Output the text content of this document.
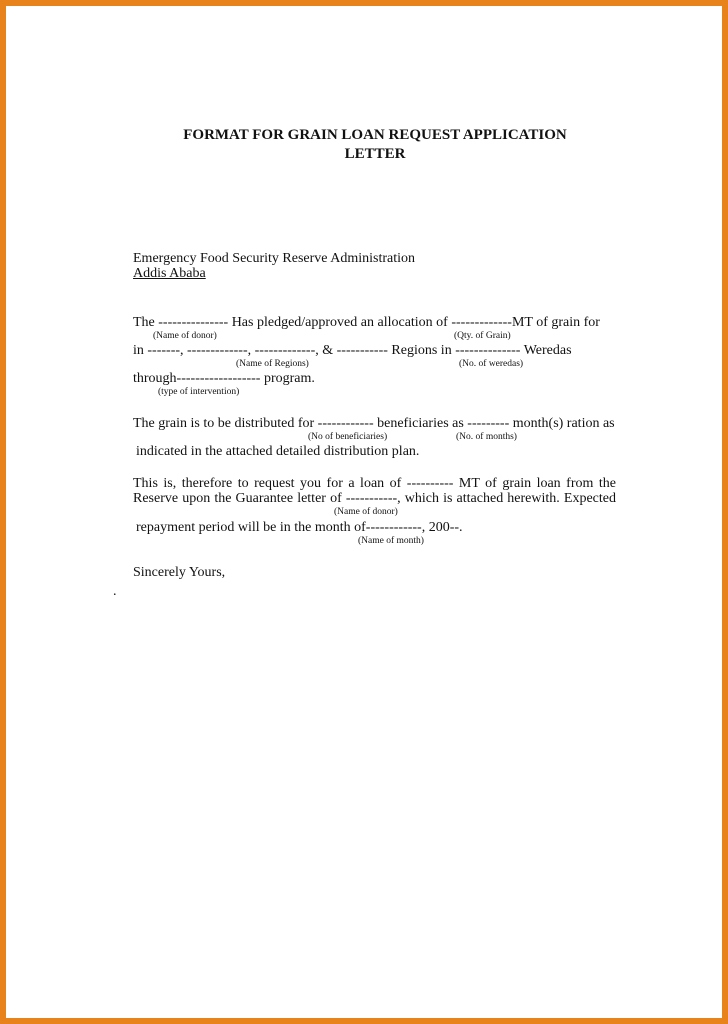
FORMAT FOR GRAIN LOAN REQUEST APPLICATION
LETTER
Emergency Food Security Reserve Administration
Addis Ababa
The --------------- Has pledged/approved an allocation of -------------MT of grain for
(Name of donor)	(Qty. of Grain)
in -------, -------------, -------------, & ----------- Regions in -------------- Weredas
(Name of Regions)	(No. of weredas)
through------------------ program.
(type of intervention)
The grain is to be distributed for ------------ beneficiaries as --------- month(s) ration as
(No of beneficiaries)	(No. of months)
indicated in the attached detailed distribution plan.
This is, therefore to request you for a loan of ---------- MT of grain loan from the
Reserve upon the Guarantee letter of -----------, which is attached herewith. Expected
(Name of donor)
repayment period will be in the month of------------, 200--.
(Name of month)
Sincerely Yours,
.
